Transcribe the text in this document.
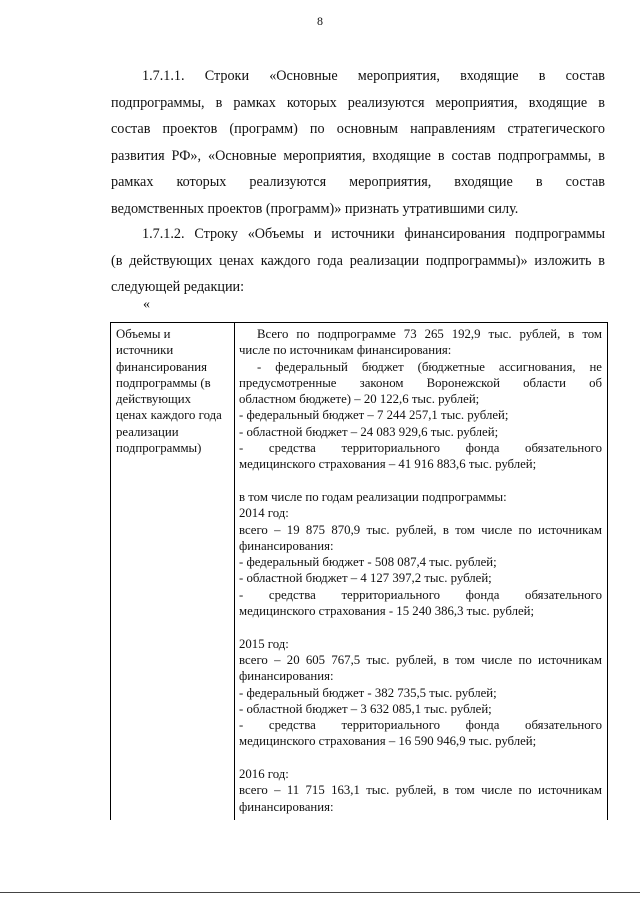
8

1.7.1.1. Строки «Основные мероприятия, входящие в состав
подпрограммы, в рамках которых реализуются мероприятия, входящие в
состав проектов (программ) по основным направлениям стратегического
развития РФ», «Основные мероприятия, входящие в состав подпрограммы, в
рамках которых реализуются мероприятия, входящие в состав
ведомственных проектов (программ)» признать утратившими силу.

1.7.1.2. Строку «Объемы и источники финансирования подпрограммы
(в действующих ценах каждого года реализации подпрограммы)» изложить в
следующей редакции:

«
Объемы и
источники
финансирования
подпрограммы (в
действующих
ценах каждого года
реализации
подпрограммы)
Всего по подпрограмме 73 265 192,9 тыс. рублей, в том
числе по источникам финансирования:
- федеральный бюджет (бюджетные ассигнования, не
предусмотренные законом Воронежской области об
областном бюджете) – 20 122,6 тыс. рублей;
- федеральный бюджет – 7 244 257,1 тыс. рублей;
- областной бюджет – 24 083 929,6 тыс. рублей;
- средства территориального фонда обязательного
медицинского страхования – 41 916 883,6 тыс. рублей;
в том числе по годам реализации подпрограммы:
2014 год:
всего – 19 875 870,9 тыс. рублей, в том числе по источникам
финансирования:
- федеральный бюджет - 508 087,4 тыс. рублей;
- областной бюджет – 4 127 397,2 тыс. рублей;
- средства территориального фонда обязательного
медицинского страхования - 15 240 386,3 тыс. рублей;
2015 год:
всего – 20 605 767,5 тыс. рублей, в том числе по источникам
финансирования:
- федеральный бюджет - 382 735,5 тыс. рублей;
- областной бюджет – 3 632 085,1 тыс. рублей;
- средства территориального фонда обязательного
медицинского страхования – 16 590 946,9 тыс. рублей;
2016 год:
всего – 11 715 163,1 тыс. рублей, в том числе по источникам
финансирования:
